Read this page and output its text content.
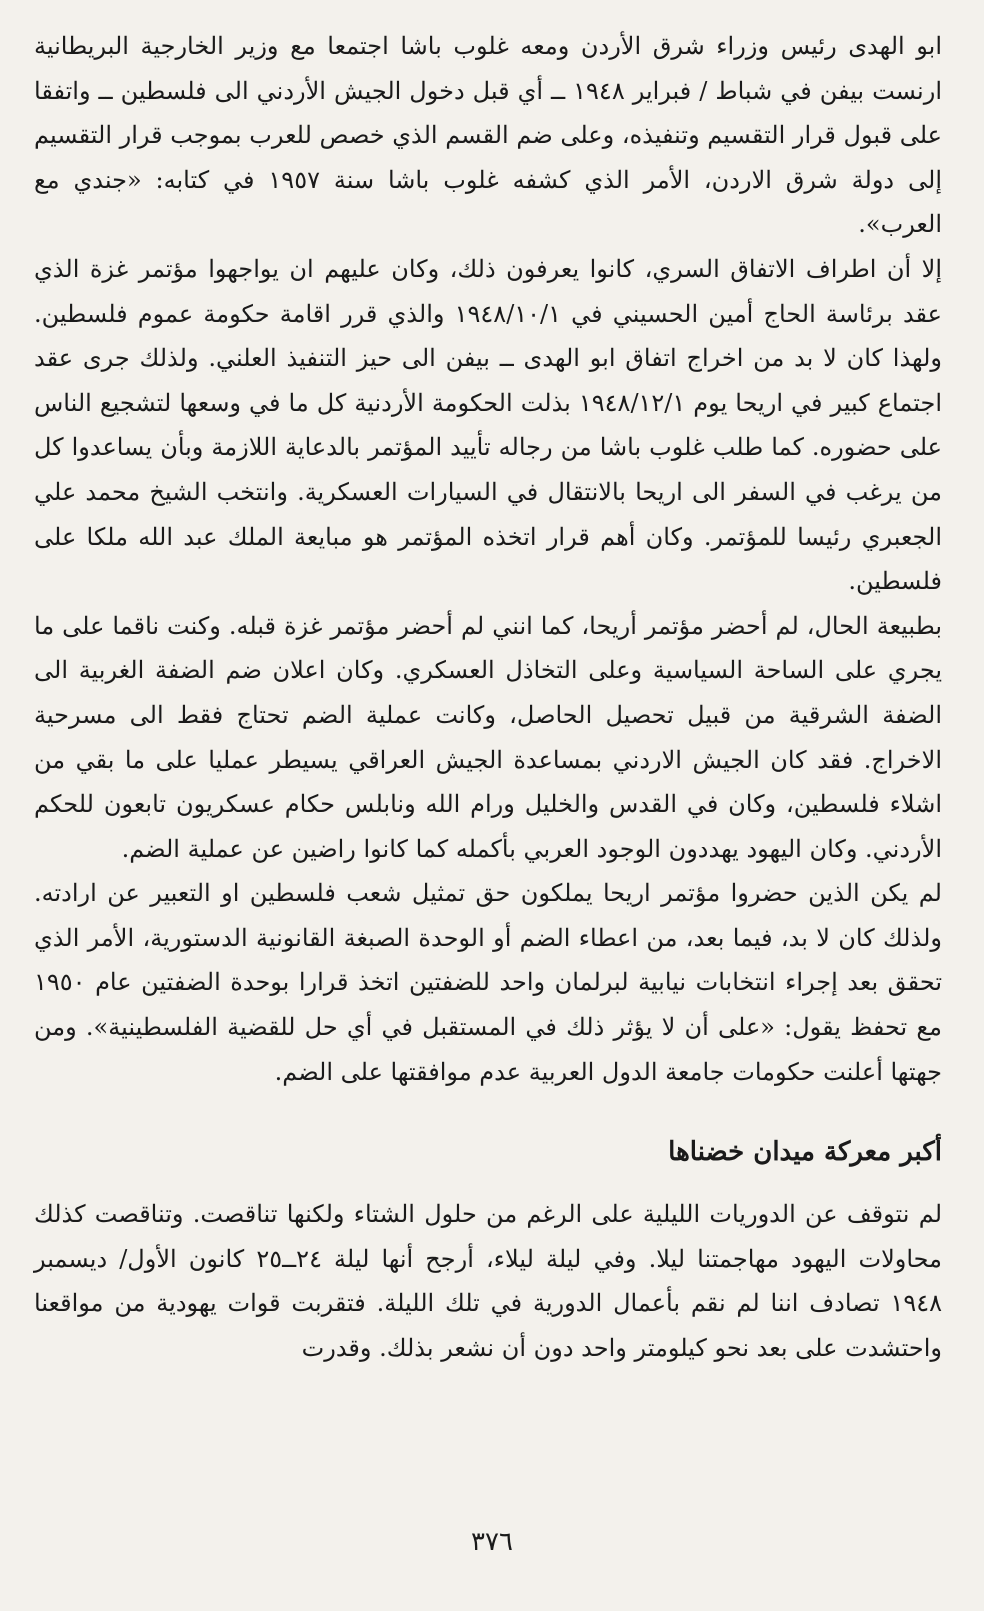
ابو الهدى رئيس وزراء شرق الأردن ومعه غلوب باشا اجتمعا مع وزير الخارجية البريطانية ارنست بيفن في شباط / فبراير ١٩٤٨ ــ أي قبل دخول الجيش الأردني الى فلسطين ــ واتفقا على قبول قرار التقسيم وتنفيذه، وعلى ضم القسم الذي خصص للعرب بموجب قرار التقسيم إلى دولة شرق الاردن، الأمر الذي كشفه غلوب باشا سنة ١٩٥٧ في كتابه: «جندي مع العرب».

إلا أن اطراف الاتفاق السري، كانوا يعرفون ذلك، وكان عليهم ان يواجهوا مؤتمر غزة الذي عقد برئاسة الحاج أمين الحسيني في ١٩٤٨/١٠/١ والذي قرر اقامة حكومة عموم فلسطين. ولهذا كان لا بد من اخراج اتفاق ابو الهدى ــ بيفن الى حيز التنفيذ العلني. ولذلك جرى عقد اجتماع كبير في اريحا يوم ١٩٤٨/١٢/١ بذلت الحكومة الأردنية كل ما في وسعها لتشجيع الناس على حضوره. كما طلب غلوب باشا من رجاله تأييد المؤتمر بالدعاية اللازمة وبأن يساعدوا كل من يرغب في السفر الى اريحا بالانتقال في السيارات العسكرية. وانتخب الشيخ محمد علي الجعبري رئيسا للمؤتمر. وكان أهم قرار اتخذه المؤتمر هو مبايعة الملك عبد الله ملكا على فلسطين.

بطبيعة الحال، لم أحضر مؤتمر أريحا، كما انني لم أحضر مؤتمر غزة قبله. وكنت ناقما على ما يجري على الساحة السياسية وعلى التخاذل العسكري. وكان اعلان ضم الضفة الغربية الى الضفة الشرقية من قبيل تحصيل الحاصل، وكانت عملية الضم تحتاج فقط الى مسرحية الاخراج. فقد كان الجيش الاردني بمساعدة الجيش العراقي يسيطر عمليا على ما بقي من اشلاء فلسطين، وكان في القدس والخليل ورام الله ونابلس حكام عسكريون تابعون للحكم الأردني. وكان اليهود يهددون الوجود العربي بأكمله كما كانوا راضين عن عملية الضم.

لم يكن الذين حضروا مؤتمر اريحا يملكون حق تمثيل شعب فلسطين او التعبير عن ارادته. ولذلك كان لا بد، فيما بعد، من اعطاء الضم أو الوحدة الصبغة القانونية الدستورية، الأمر الذي تحقق بعد إجراء انتخابات نيابية لبرلمان واحد للضفتين اتخذ قرارا بوحدة الضفتين عام ١٩٥٠ مع تحفظ يقول: «على أن لا يؤثر ذلك في المستقبل في أي حل للقضية الفلسطينية». ومن جهتها أعلنت حكومات جامعة الدول العربية عدم موافقتها على الضم.

أكبر معركة ميدان خضناها

لم نتوقف عن الدوريات الليلية على الرغم من حلول الشتاء ولكنها تناقصت. وتناقصت كذلك محاولات اليهود مهاجمتنا ليلا. وفي ليلة ليلاء، أرجح أنها ليلة ٢٤ــ٢٥ كانون الأول/ ديسمبر ١٩٤٨ تصادف اننا لم نقم بأعمال الدورية في تلك الليلة. فتقربت قوات يهودية من مواقعنا واحتشدت على بعد نحو كيلومتر واحد دون أن نشعر بذلك. وقدرت

٣٧٦
